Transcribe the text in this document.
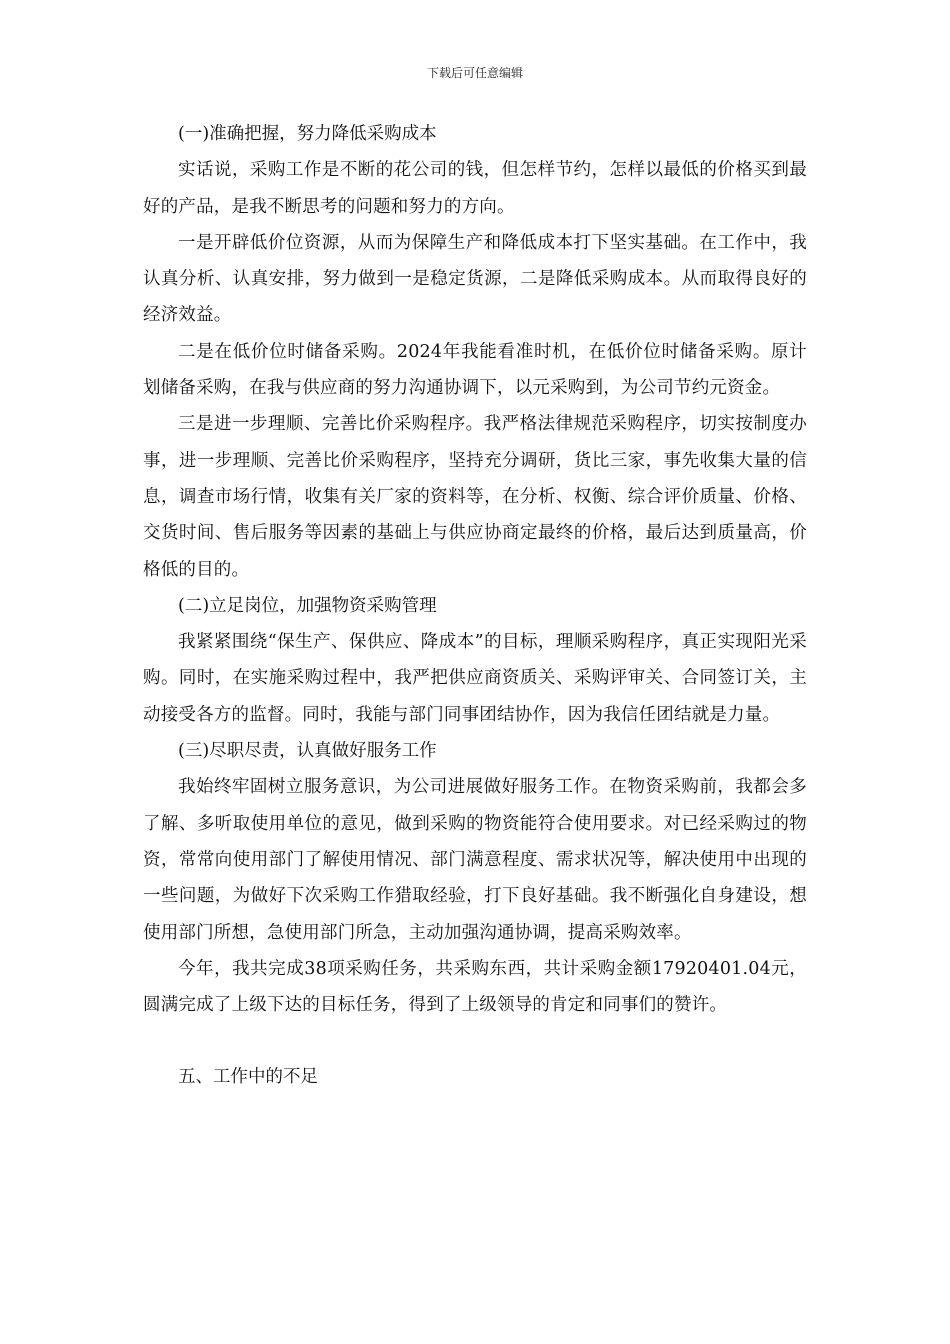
下载后可任意编辑

(一)准确把握，努力降低采购成本

实话说，采购工作是不断的花公司的钱，但怎样节约，怎样以最低的价格买到最好的产品，是我不断思考的问题和努力的方向。

一是开辟低价位资源，从而为保障生产和降低成本打下坚实基础。在工作中，我认真分析、认真安排，努力做到一是稳定货源，二是降低采购成本。从而取得良好的经济效益。

二是在低价位时储备采购。2024年我能看准时机，在低价位时储备采购。原计划储备采购，在我与供应商的努力沟通协调下，以元采购到，为公司节约元资金。

三是进一步理顺、完善比价采购程序。我严格法律规范采购程序，切实按制度办事，进一步理顺、完善比价采购程序，坚持充分调研，货比三家，事先收集大量的信息，调查市场行情，收集有关厂家的资料等，在分析、权衡、综合评价质量、价格、交货时间、售后服务等因素的基础上与供应协商定最终的价格，最后达到质量高，价格低的目的。

(二)立足岗位，加强物资采购管理

我紧紧围绕“保生产、保供应、降成本”的目标，理顺采购程序，真正实现阳光采购。同时，在实施采购过程中，我严把供应商资质关、采购评审关、合同签订关，主动接受各方的监督。同时，我能与部门同事团结协作，因为我信任团结就是力量。

(三)尽职尽责，认真做好服务工作

我始终牢固树立服务意识，为公司进展做好服务工作。在物资采购前，我都会多了解、多听取使用单位的意见，做到采购的物资能符合使用要求。对已经采购过的物资，常常向使用部门了解使用情况、部门满意程度、需求状况等，解决使用中出现的一些问题，为做好下次采购工作猎取经验，打下良好基础。我不断强化自身建设，想使用部门所想，急使用部门所急，主动加强沟通协调，提高采购效率。

今年，我共完成38项采购任务，共采购东西，共计采购金额17920401.04元，圆满完成了上级下达的目标任务，得到了上级领导的肯定和同事们的赞许。

五、工作中的不足
